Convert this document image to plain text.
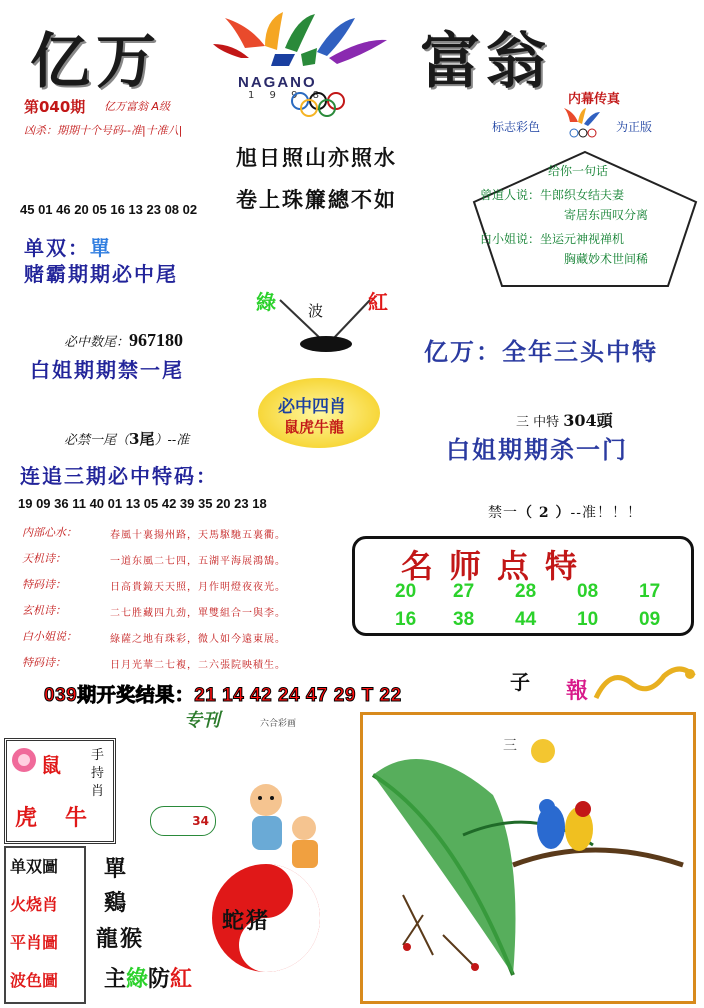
亿万	富翁
NAGANO
1 9 9 8
第040期 亿万富翁 A级
凶杀：期期十个号码--准|十准八|
旭日照山亦照水
卷上珠簾總不如
内幕传真
标志彩色	为正版
给你一句话
曾道人说：牛郎织女结夫妻
寄居东西叹分离
白小姐说：坐运元神视禅机
胸藏妙术世间稀
45 01 46 20 05 16 13 23 08 02
单双：單
赌霸期期必中尾
必中数尾：967180
白姐期期禁一尾
綠 波 紅
亿万：全年三头中特
必中四肖
鼠虎牛龍
必禁一尾（3尾）--准
三 中特 304頭
白姐期期杀一门
连追三期必中特码：
19 09 36 11 40 01 13 05 42 39 35 20 23 18
禁一（ 2 ）--准！！！
内部心水：	春風十裏揚州路，天馬駆馳五裏衢。
天机诗：	一道东風二七四，五湖平海展鴻鵠。
特码诗：	日高貴鏡天天照，月作明燈夜夜光。
玄机诗：	二七胜藏四九劲，單雙組合一與李。
白小姐说：	綠薩之地有珠彩，微人如今遠東展。
特码诗：	日月光華二七複，二六張院映積生。
名师点特
20 27 28 08 17
16 38 44 10 09
039期开奖结果：21 14 42 24 47 29 T 22
专刊	六合彩画
鼠
虎 牛
手持肖
34
单双圖
火烧肖
平肖圖
波色圖
單
鷄
龍猴
蛇猪
主綠防紅
子 報
三
